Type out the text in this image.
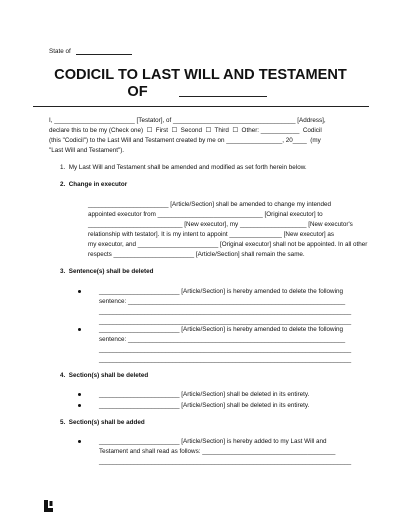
State of
CODICIL TO LAST WILL AND TESTAMENT
OF
I, _______________________ [Testator], of ___________________________________ [Address],
declare this to be my (Check one)  ☐  First  ☐  Second  ☐  Third  ☐  Other: ___________  Codicil
(this "Codicil") to the Last Will and Testament created by me on ________________, 20____  (my
"Last Will and Testament").
1.  My Last Will and Testament shall be amended and modified as set forth herein below.
2.  Change in executor
_______________________ [Article/Section] shall be amended to change my intended
appointed executor from ______________________________ [Original executor] to
___________________________ [New executor], my ___________________ [New executor's
relationship with testator]. It is my intent to appoint _______________ [New executor] as
my executor, and _______________________ [Original executor] shall not be appointed. In all other
respects _______________________ [Article/Section] shall remain the same.
3.  Sentence(s) shall be deleted
_______________________ [Article/Section] is hereby amended to delete the following
sentence: ______________________________________________________________
________________________________________________________________________
________________________________________________________________________
_______________________ [Article/Section] is hereby amended to delete the following
sentence: ______________________________________________________________
________________________________________________________________________
________________________________________________________________________
4.  Section(s) shall be deleted
_______________________ [Article/Section] shall be deleted in its entirety.
_______________________ [Article/Section] shall be deleted in its entirety.
5.  Section(s) shall be added
_______________________ [Article/Section] is hereby added to my Last Will and
Testament and shall read as follows: ______________________________________
________________________________________________________________________
